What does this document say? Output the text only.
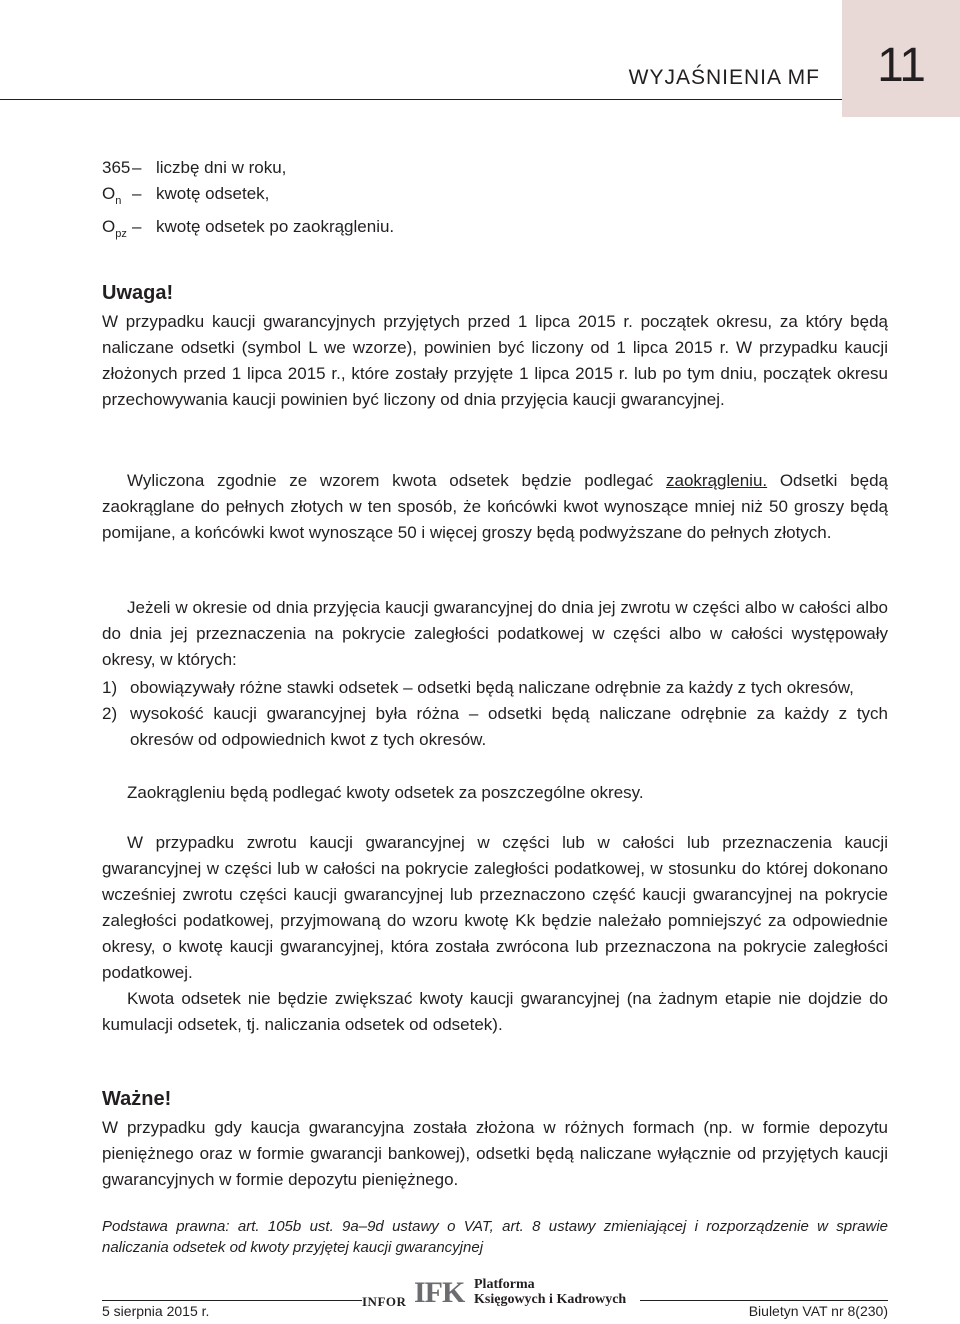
11
WYJAŚNIENIA MF
365 – liczbę dni w roku,
$O_n$ – kwotę odsetek,
$O_{pz}$ – kwotę odsetek po zaokrągleniu.
Uwaga!
W przypadku kaucji gwarancyjnych przyjętych przed 1 lipca 2015 r. początek okresu, za który będą naliczane odsetki (symbol L we wzorze), powinien być liczony od 1 lipca 2015 r. W przypadku kaucji złożonych przed 1 lipca 2015 r., które zostały przyjęte 1 lipca 2015 r. lub po tym dniu, początek okresu przechowywania kaucji powinien być liczony od dnia przyjęcia kaucji gwarancyjnej.
Wyliczona zgodnie ze wzorem kwota odsetek będzie podlegać zaokrągleniu. Odsetki będą zaokrąglane do pełnych złotych w ten sposób, że końcówki kwot wynoszące mniej niż 50 groszy będą pomijane, a końcówki kwot wynoszące 50 i więcej groszy będą podwyższane do pełnych złotych.
Jeżeli w okresie od dnia przyjęcia kaucji gwarancyjnej do dnia jej zwrotu w części albo w całości albo do dnia jej przeznaczenia na pokrycie zaległości podatkowej w części albo w całości występowały okresy, w których:
1) obowiązywały różne stawki odsetek – odsetki będą naliczane odrębnie za każdy z tych okresów,
2) wysokość kaucji gwarancyjnej była różna – odsetki będą naliczane odrębnie za każdy z tych okresów od odpowiednich kwot z tych okresów.
Zaokrągleniu będą podlegać kwoty odsetek za poszczególne okresy.
W przypadku zwrotu kaucji gwarancyjnej w części lub w całości lub przeznaczenia kaucji gwarancyjnej w części lub w całości na pokrycie zaległości podatkowej, w stosunku do której dokonano wcześniej zwrotu części kaucji gwarancyjnej lub przeznaczono część kaucji gwarancyjnej na pokrycie zaległości podatkowej, przyjmowaną do wzoru kwotę Kk będzie należało pomniejszyć za odpowiednie okresy, o kwotę kaucji gwarancyjnej, która została zwrócona lub przeznaczona na pokrycie zaległości podatkowej.
Kwota odsetek nie będzie zwiększać kwoty kaucji gwarancyjnej (na żadnym etapie nie dojdzie do kumulacji odsetek, tj. naliczania odsetek od odsetek).
Ważne!
W przypadku gdy kaucja gwarancyjna została złożona w różnych formach (np. w formie depozytu pieniężnego oraz w formie gwarancji bankowej), odsetki będą naliczane wyłącznie od przyjętych kaucji gwarancyjnych w formie depozytu pieniężnego.
Podstawa prawna: art. 105b ust. 9a–9d ustawy o VAT, art. 8 ustawy zmieniającej i rozporządzenie w sprawie naliczania odsetek od kwoty przyjętej kaucji gwarancyjnej
5 sierpnia 2015 r.	Biuletyn VAT nr 8(230)
INFOR IFK Platforma
Księgowych i Kadrowych
